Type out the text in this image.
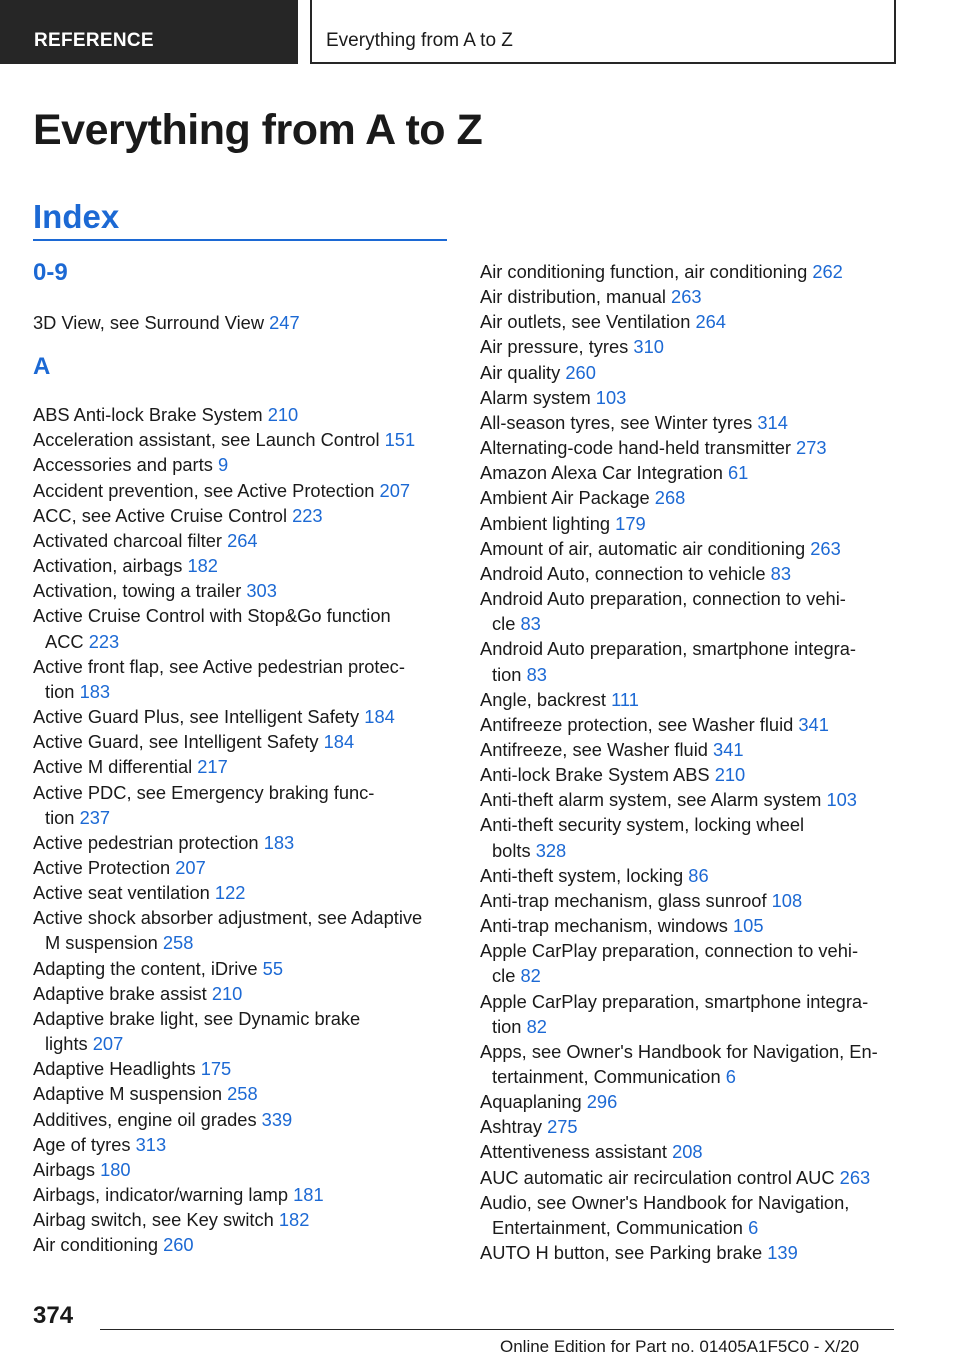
REFERENCE	Everything from A to Z
Everything from A to Z
Index
0-9
3D View, see Surround View 247
A
ABS Anti-lock Brake System 210
Acceleration assistant, see Launch Control 151
Accessories and parts 9
Accident prevention, see Active Protection 207
ACC, see Active Cruise Control 223
Activated charcoal filter 264
Activation, airbags 182
Activation, towing a trailer 303
Active Cruise Control with Stop&Go function
ACC 223
Active front flap, see Active pedestrian protec-
tion 183
Active Guard Plus, see Intelligent Safety 184
Active Guard, see Intelligent Safety 184
Active M differential 217
Active PDC, see Emergency braking func-
tion 237
Active pedestrian protection 183
Active Protection 207
Active seat ventilation 122
Active shock absorber adjustment, see Adaptive
M suspension 258
Adapting the content, iDrive 55
Adaptive brake assist 210
Adaptive brake light, see Dynamic brake
lights 207
Adaptive Headlights 175
Adaptive M suspension 258
Additives, engine oil grades 339
Age of tyres 313
Airbags 180
Airbags, indicator/warning lamp 181
Airbag switch, see Key switch 182
Air conditioning 260
Air conditioning function, air conditioning 262
Air distribution, manual 263
Air outlets, see Ventilation 264
Air pressure, tyres 310
Air quality 260
Alarm system 103
All-season tyres, see Winter tyres 314
Alternating-code hand-held transmitter 273
Amazon Alexa Car Integration 61
Ambient Air Package 268
Ambient lighting 179
Amount of air, automatic air conditioning 263
Android Auto, connection to vehicle 83
Android Auto preparation, connection to vehi-
cle 83
Android Auto preparation, smartphone integra-
tion 83
Angle, backrest 111
Antifreeze protection, see Washer fluid 341
Antifreeze, see Washer fluid 341
Anti-lock Brake System ABS 210
Anti-theft alarm system, see Alarm system 103
Anti-theft security system, locking wheel
bolts 328
Anti-theft system, locking 86
Anti-trap mechanism, glass sunroof 108
Anti-trap mechanism, windows 105
Apple CarPlay preparation, connection to vehi-
cle 82
Apple CarPlay preparation, smartphone integra-
tion 82
Apps, see Owner's Handbook for Navigation, En-
tertainment, Communication 6
Aquaplaning 296
Ashtray 275
Attentiveness assistant 208
AUC automatic air recirculation control AUC 263
Audio, see Owner's Handbook for Navigation,
Entertainment, Communication 6
AUTO H button, see Parking brake 139
374
Online Edition for Part no. 01405A1F5C0 - X/20
